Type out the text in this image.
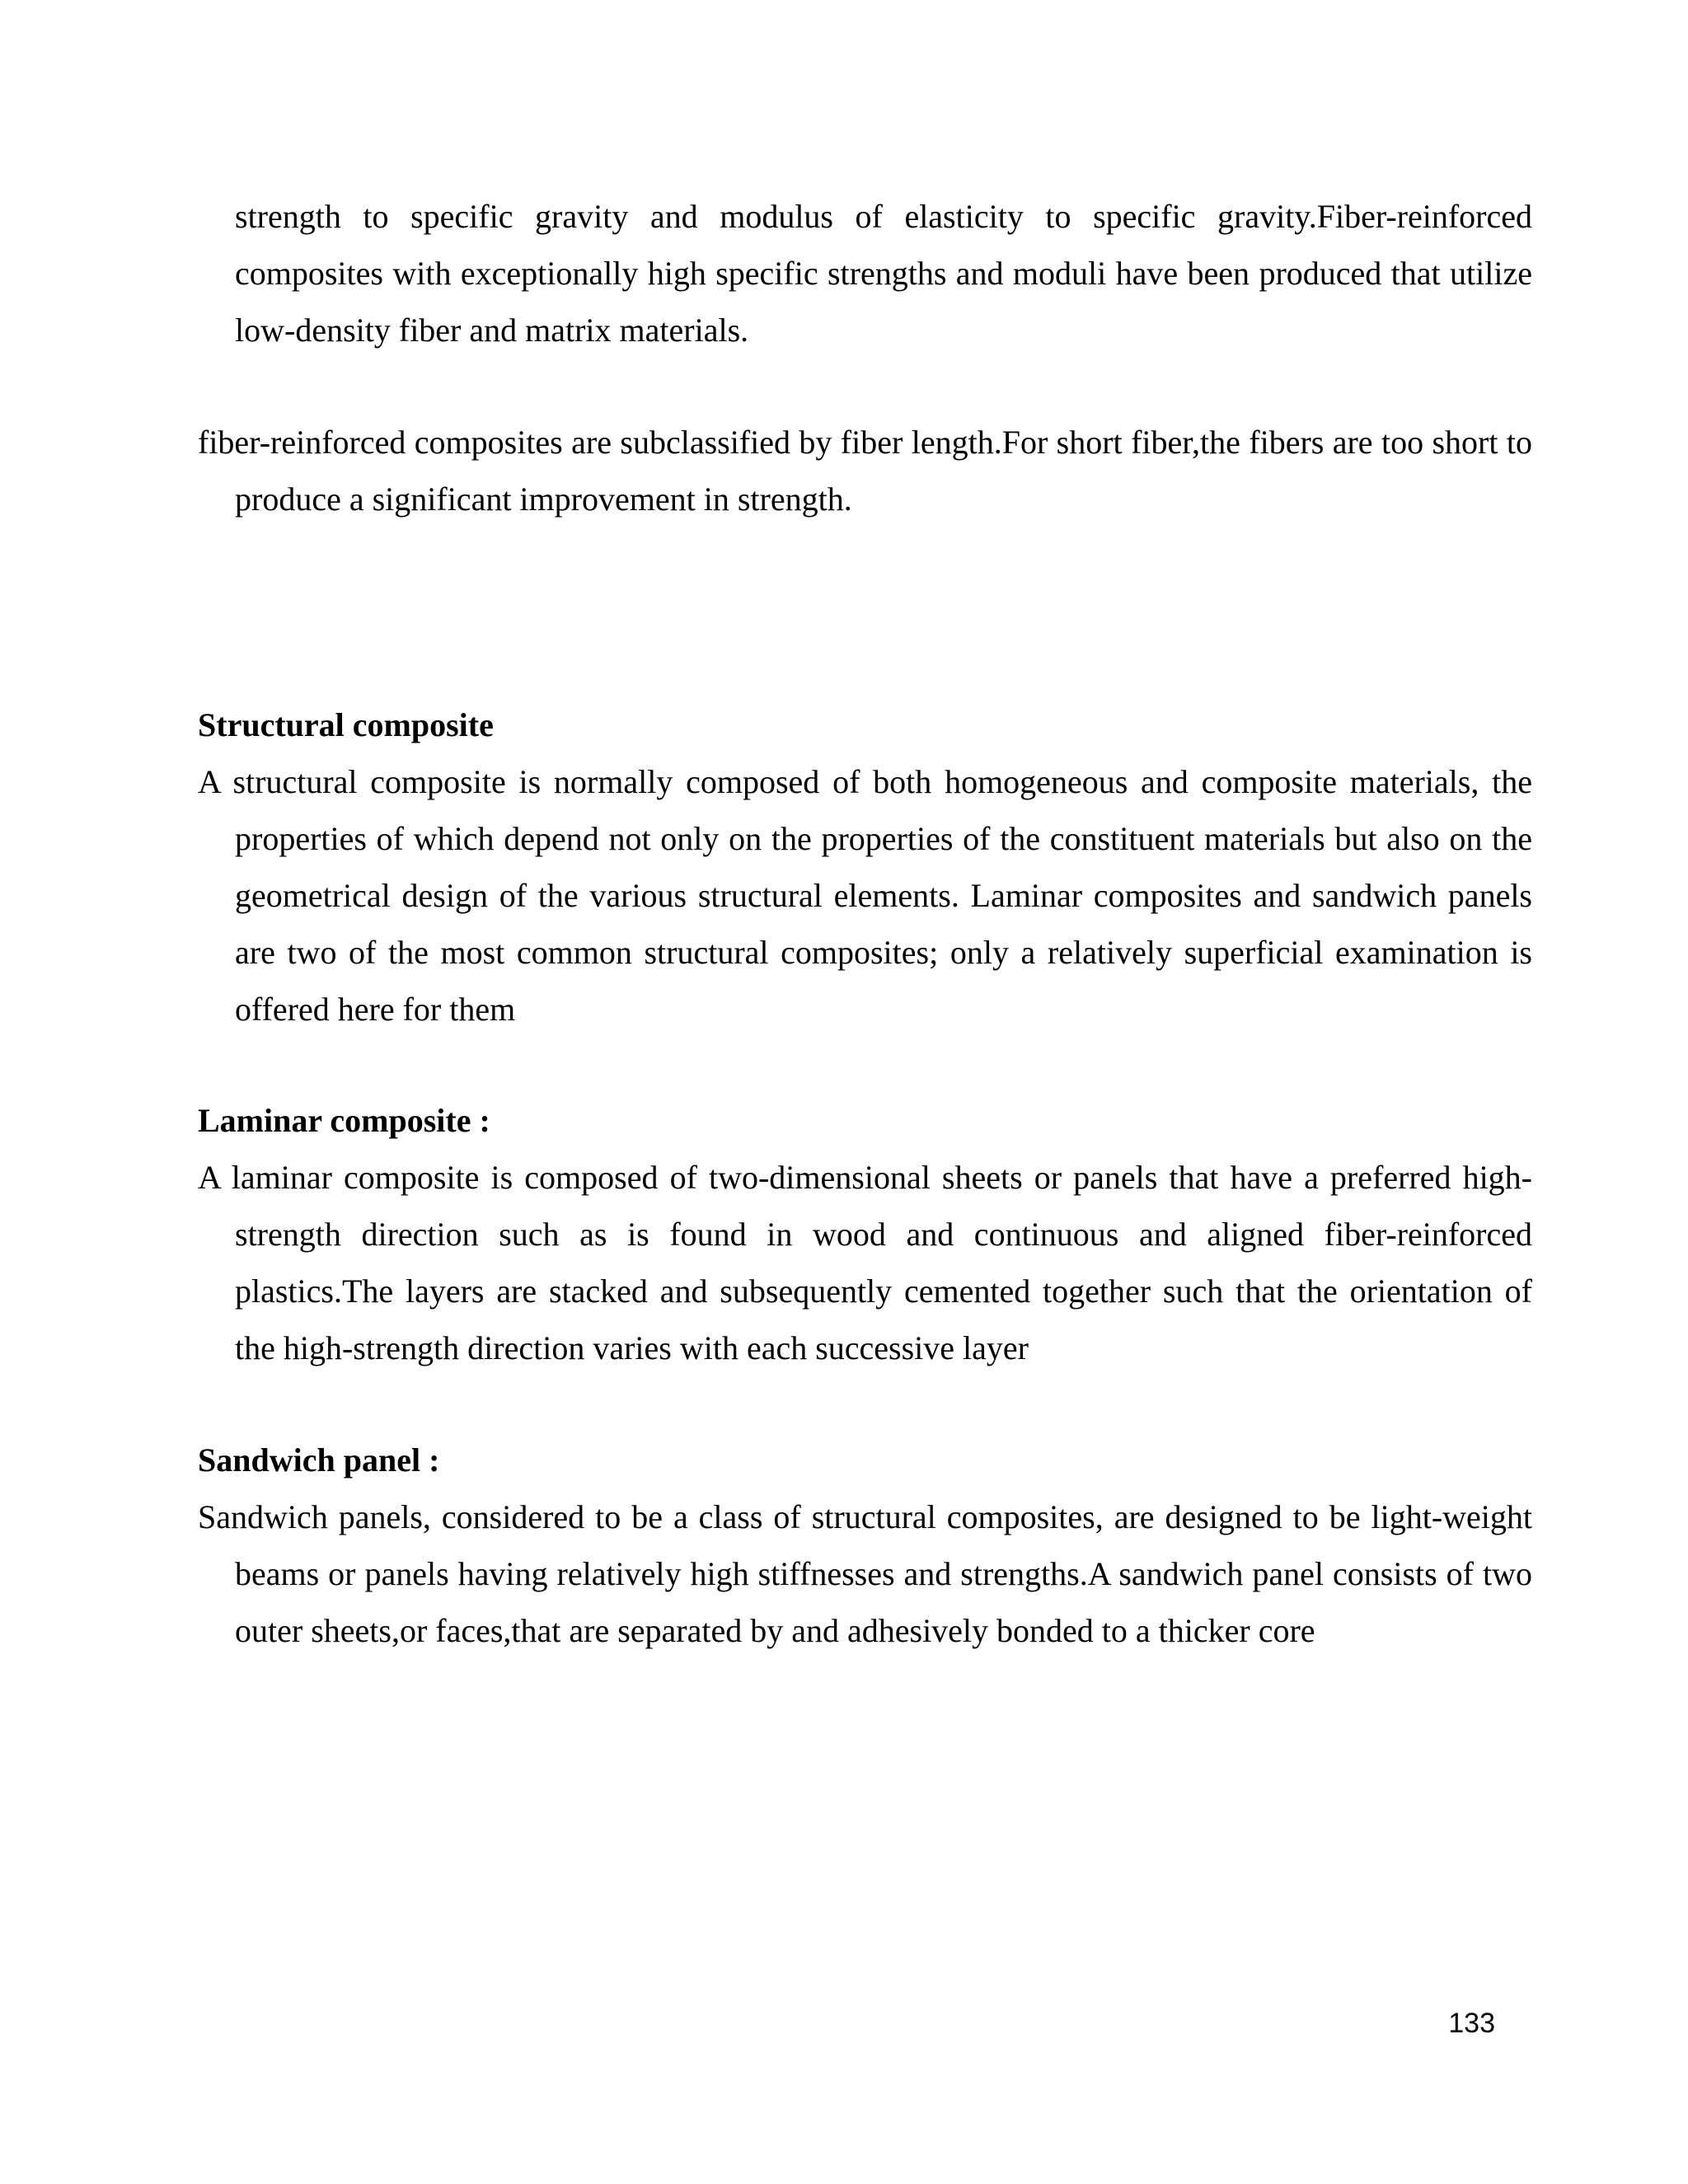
strength to specific gravity and modulus of elasticity to specific gravity.Fiber-reinforced composites with exceptionally high specific strengths and moduli have been produced that utilize low-density fiber and matrix materials.

fiber-reinforced composites are subclassified by fiber length.For short fiber,the fibers are too short to produce a significant improvement in strength.

Structural composite

A structural composite is normally composed of both homogeneous and composite materials, the properties of which depend not only on the properties of the constituent materials but also on the geometrical design of the various structural elements. Laminar composites and sandwich panels are two of the most common structural composites; only a relatively superficial examination is offered here for them

Laminar composite :

A laminar composite is composed of two-dimensional sheets or panels that have a preferred high-strength direction such as is found in wood and continuous and aligned fiber-reinforced plastics.The layers are stacked and subsequently cemented together such that the orientation of the high-strength direction varies with each successive layer

Sandwich panel :

Sandwich panels, considered to be a class of structural composites, are designed to be light-weight beams or panels having relatively high stiffnesses and strengths.A sandwich panel consists of two outer sheets,or faces,that are separated by and adhesively bonded to a thicker core

133
